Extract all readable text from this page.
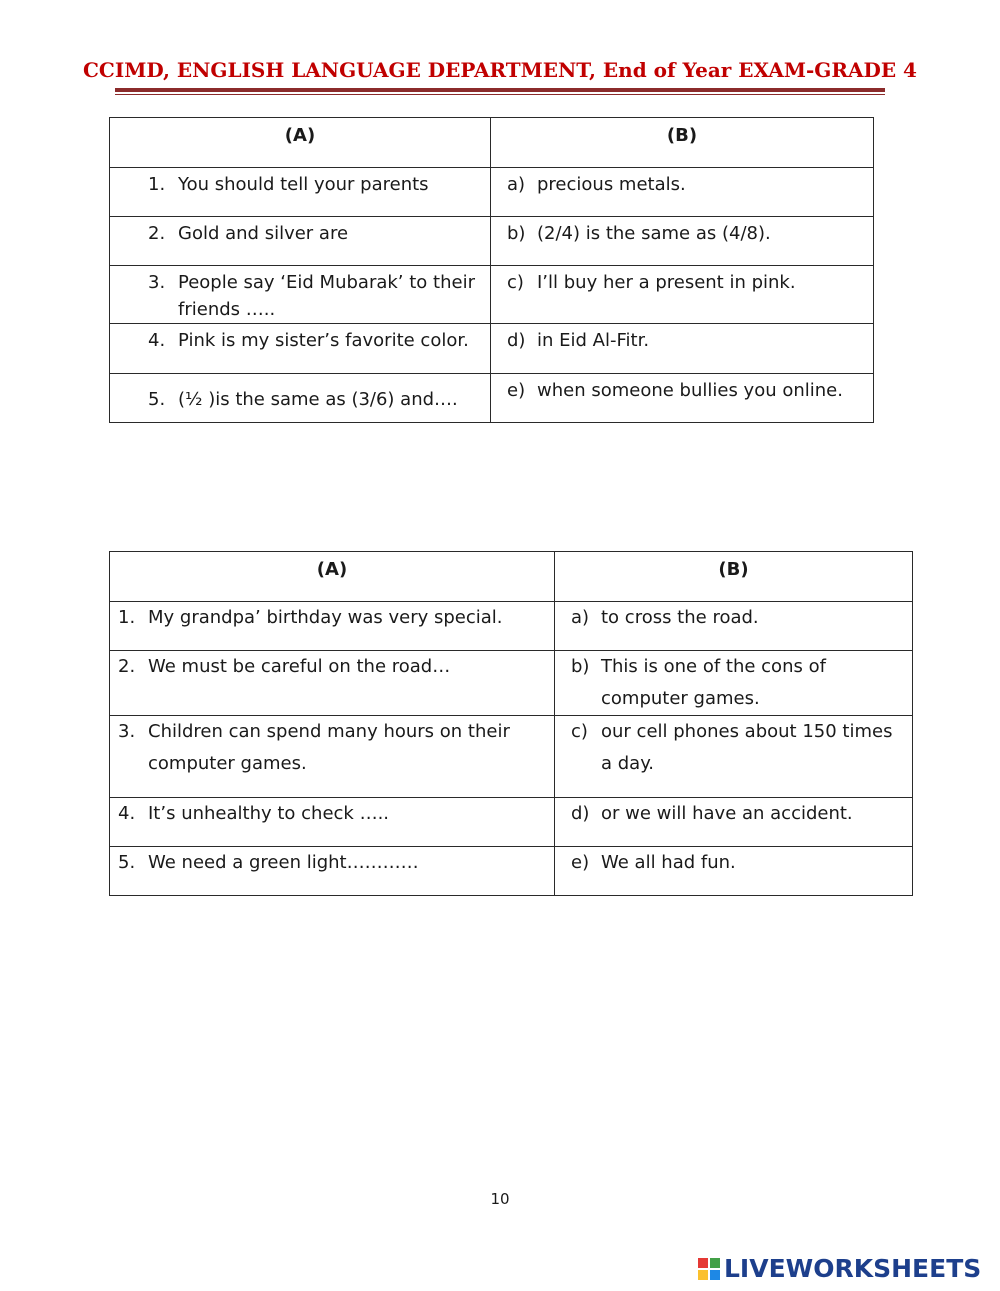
CCIMD, ENGLISH LANGUAGE DEPARTMENT, End of Year EXAM-GRADE 4
(A)	(B)

1. You should tell your parents	a) precious metals.

2. Gold and silver are	b) (2/4) is the same as (4/8).

3. People say ‘Eid Mubarak’ to their friends …..	c) I’ll buy her a present in pink.

4. Pink is my sister’s favorite color.	d) in Eid Al-Fitr.

5. (½ )is the same as (3/6) and….	e) when someone bullies you online.
(A)	(B)

1. My grandpa’ birthday was very special.	a) to cross the road.

2. We must be careful on the road…	b) This is one of the cons of computer games.

3. Children can spend many hours on their computer games.	c) our cell phones about 150 times a day.

4. It’s unhealthy to check …..	d) or we will have an accident.

5. We need a green light…………	e) We all had fun.
10
LIVEWORKSHEETS
